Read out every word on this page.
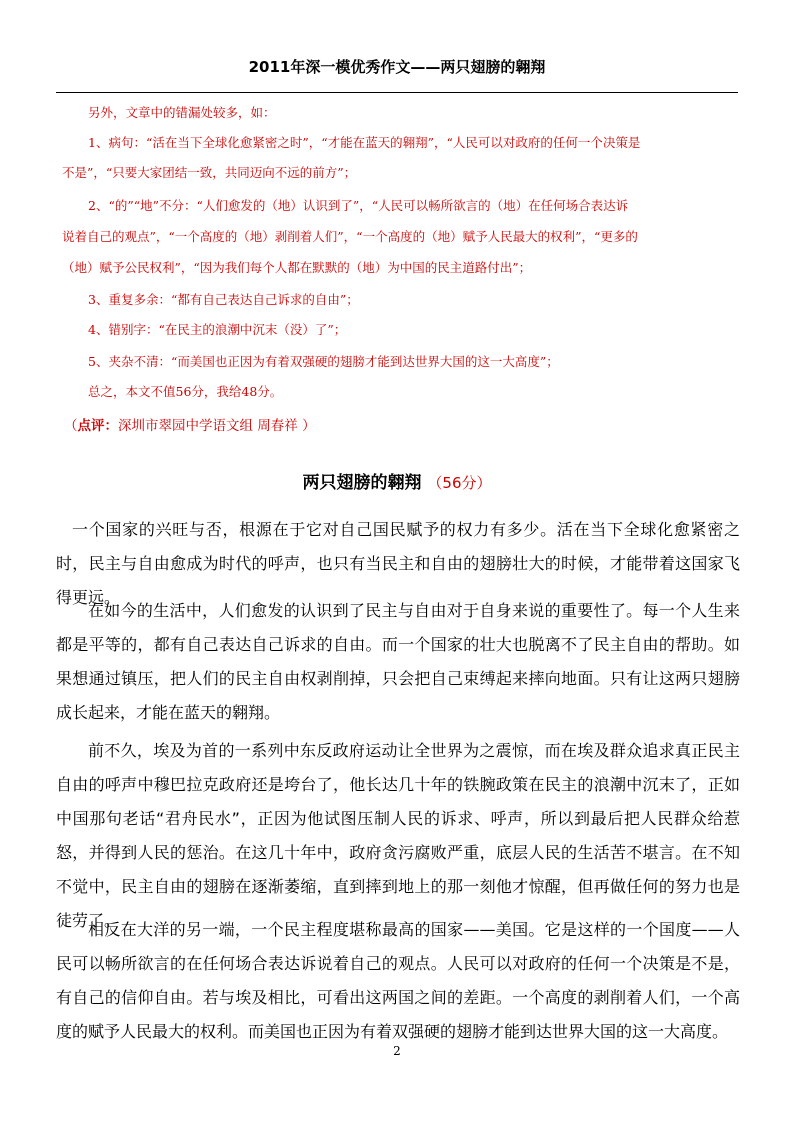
2011年深一模优秀作文——两只翅膀的翱翔
另外，文章中的错漏处较多，如：
1、病句：“活在当下全球化愈紧密之时”，“才能在蓝天的翱翔”，“人民可以对政府的任何一个决策是
不是”，“只要大家团结一致，共同迈向不远的前方”；
2、“的”“地”不分：“人们愈发的（地）认识到了”，“人民可以畅所欲言的（地）在任何场合表达诉
说着自己的观点”，“一个高度的（地）剥削着人们”，“一个高度的（地）赋予人民最大的权利”，“更多的
（地）赋予公民权利”，“因为我们每个人都在默默的（地）为中国的民主道路付出”；
3、重复多余：“都有自己表达自己诉求的自由”；
4、错别字：“在民主的浪潮中沉末（没）了”；
5、夹杂不清：“而美国也正因为有着双强硬的翅膀才能到达世界大国的这一大高度”；
总之，本文不值56分，我给48分。
（点评：深圳市翠园中学语文组 周春祥 ）
两只翅膀的翱翔 （56分）
一个国家的兴旺与否，根源在于它对自己国民赋予的权力有多少。活在当下全球化愈紧密之时，民主与自由愈成为时代的呼声，也只有当民主和自由的翅膀壮大的时候，才能带着这国家飞得更远。
在如今的生活中，人们愈发的认识到了民主与自由对于自身来说的重要性了。每一个人生来都是平等的，都有自己表达自己诉求的自由。而一个国家的壮大也脱离不了民主自由的帮助。如果想通过镇压，把人们的民主自由权剥削掉，只会把自己束缚起来摔向地面。只有让这两只翅膀成长起来，才能在蓝天的翱翔。
前不久，埃及为首的一系列中东反政府运动让全世界为之震惊，而在埃及群众追求真正民主自由的呼声中穆巴拉克政府还是垮台了，他长达几十年的铁腕政策在民主的浪潮中沉末了，正如中国那句老话“君舟民水”，正因为他试图压制人民的诉求、呼声，所以到最后把人民群众给惹怒，并得到人民的惩治。在这几十年中，政府贪污腐败严重，底层人民的生活苦不堪言。在不知不觉中，民主自由的翅膀在逐渐萎缩，直到摔到地上的那一刻他才惊醒，但再做任何的努力也是徒劳了。
相反在大洋的另一端，一个民主程度堪称最高的国家——美国。它是这样的一个国度——人民可以畅所欲言的在任何场合表达诉说着自己的观点。人民可以对政府的任何一个决策是不是，有自己的信仰自由。若与埃及相比，可看出这两国之间的差距。一个高度的剥削着人们，一个高度的赋予人民最大的权利。而美国也正因为有着双强硬的翅膀才能到达世界大国的这一大高度。
2
